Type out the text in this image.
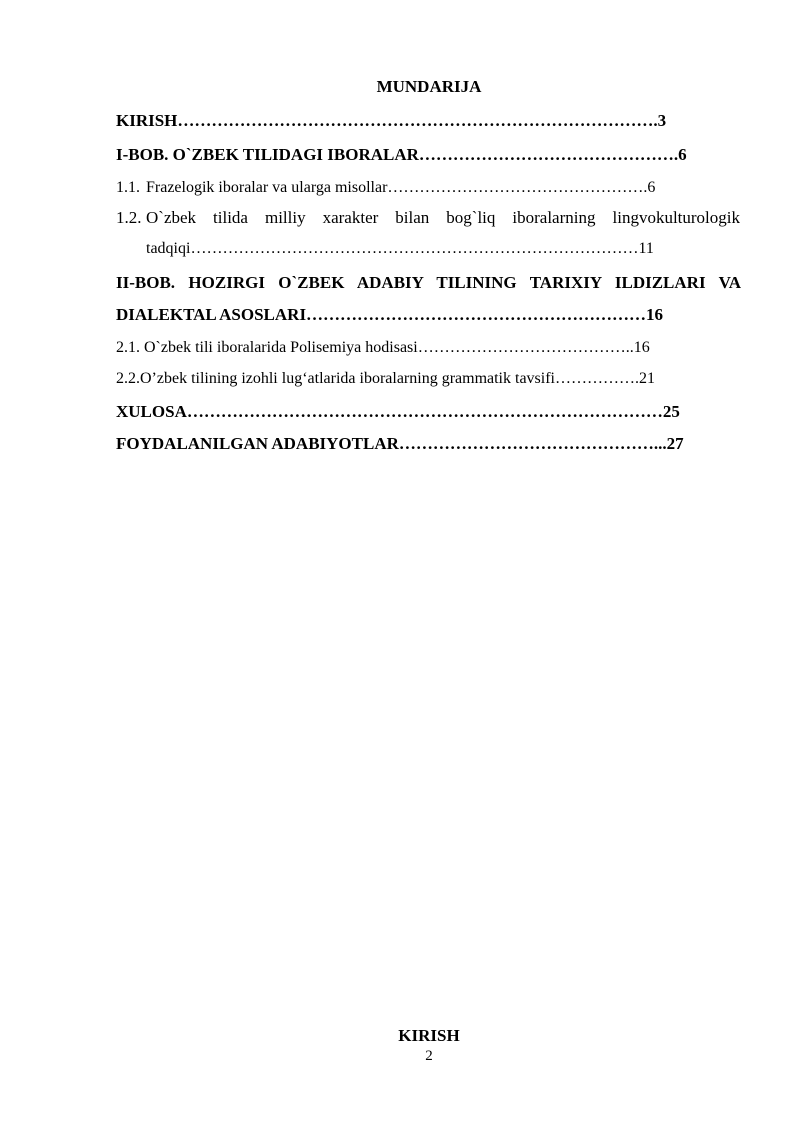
MUNDARIJA
KIRISH………………………………………………………………………….3
I-BOB. O`ZBEK TILIDAGI IBORALAR……………………………………….6
1.1. Frazelogik iboralar va ularga misollar………………………………………….6
1.2. O`zbek tilida milliy xarakter bilan bog`liq iboralarning lingvokulturologik
tadqiqi…………………………………………………………………………11
II-BOB. HOZIRGI O`ZBEK ADABIY TILINING TARIXIY ILDIZLARI VA
DIALEKTAL ASOSLARI……………………………………………………16
2.1. O`zbek tili iboralarida Polisemiya hodisasi…………………………………..16
2.2.O’zbek tilining izohli lug‘atlarida iboralarning grammatik tavsifi…………….21
XULOSA…………………………………………………………………………25
FOYDALANILGAN ADABIYOTLAR………………………………………...27
KIRISH
2
